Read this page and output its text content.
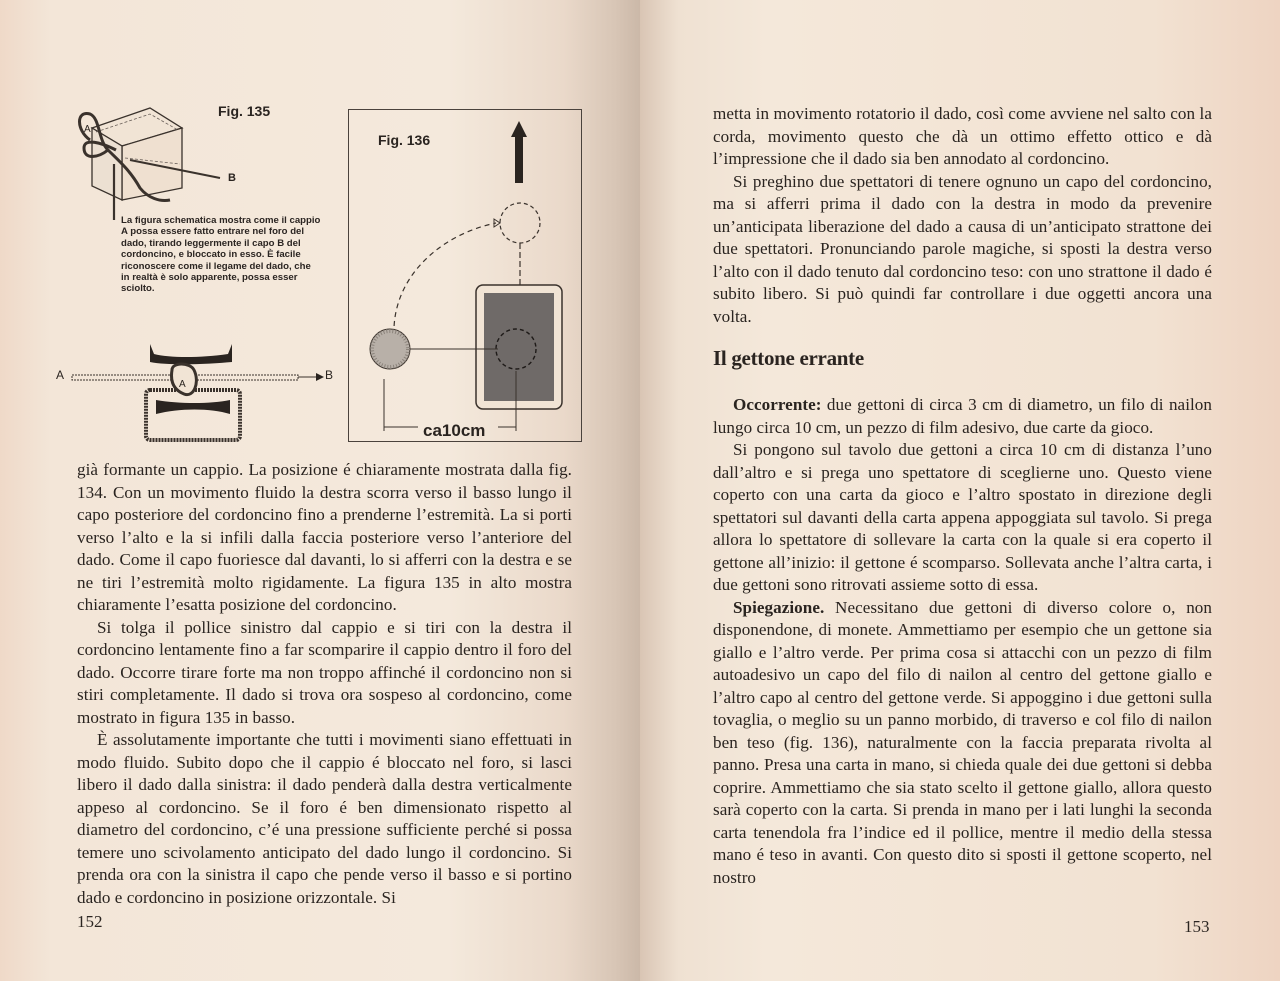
Fig. 135
A
B
La figura schematica mostra come il cappio A possa essere fatto entrare nel foro del dado, tirando leggermente il capo B del cordoncino, e bloccato in esso. È facile riconoscere come il legame del dado, che in realtà è solo apparente, possa esser sciolto.
A
A	B
Fig. 136
ca10cm

già formante un cappio. La posizione é chiaramente mostrata dalla fig. 134. Con un movimento fluido la destra scorra verso il basso lungo il capo posteriore del cordoncino fino a prenderne l’estremità. La si porti verso l’alto e la si infili dalla faccia posteriore verso l’anteriore del dado. Come il capo fuoriesce dal davanti, lo si afferri con la destra e se ne tiri l’estremità molto rigidamente. La figura 135 in alto mostra chiaramente l’esatta posizione del cordoncino.

Si tolga il pollice sinistro dal cappio e si tiri con la destra il cordoncino lentamente fino a far scomparire il cappio dentro il foro del dado. Occorre tirare forte ma non troppo affinché il cordoncino non si stiri completamente. Il dado si trova ora sospeso al cordoncino, come mostrato in figura 135 in basso.

È assolutamente importante che tutti i movimenti siano effettuati in modo fluido. Subito dopo che il cappio é bloccato nel foro, si lasci libero il dado dalla sinistra: il dado penderà dalla destra verticalmente appeso al cordoncino. Se il foro é ben dimensionato rispetto al diametro del cordoncino, c’é una pressione sufficiente perché si possa temere uno scivolamento anticipato del dado lungo il cordoncino. Si prenda ora con la sinistra il capo che pende verso il basso e si portino dado e cordoncino in posizione orizzontale. Si

152

metta in movimento rotatorio il dado, così come avviene nel salto con la corda, movimento questo che dà un ottimo effetto ottico e dà l’impressione che il dado sia ben annodato al cordoncino.

Si preghino due spettatori di tenere ognuno un capo del cordoncino, ma si afferri prima il dado con la destra in modo da prevenire un’anticipata liberazione del dado a causa di un’anticipato strattone dei due spettatori. Pronunciando parole magiche, si sposti la destra verso l’alto con il dado tenuto dal cordoncino teso: con uno strattone il dado é subito libero. Si può quindi far controllare i due oggetti ancora una volta.

Il gettone errante

Occorrente: due gettoni di circa 3 cm di diametro, un filo di nailon lungo circa 10 cm, un pezzo di film adesivo, due carte da gioco.

Si pongono sul tavolo due gettoni a circa 10 cm di distanza l’uno dall’altro e si prega uno spettatore di sceglierne uno. Questo viene coperto con una carta da gioco e l’altro spostato in direzione degli spettatori sul davanti della carta appena appoggiata sul tavolo. Si prega allora lo spettatore di sollevare la carta con la quale si era coperto il gettone all’inizio: il gettone é scomparso. Sollevata anche l’altra carta, i due gettoni sono ritrovati assieme sotto di essa.

Spiegazione. Necessitano due gettoni di diverso colore o, non disponendone, di monete. Ammettiamo per esempio che un gettone sia giallo e l’altro verde. Per prima cosa si attacchi con un pezzo di film autoadesivo un capo del filo di nailon al centro del gettone giallo e l’altro capo al centro del gettone verde. Si appoggino i due gettoni sulla tovaglia, o meglio su un panno morbido, di traverso e col filo di nailon ben teso (fig. 136), naturalmente con la faccia preparata rivolta al panno. Presa una carta in mano, si chieda quale dei due gettoni si debba coprire. Ammettiamo che sia stato scelto il gettone giallo, allora questo sarà coperto con la carta. Si prenda in mano per i lati lunghi la seconda carta tenendola fra l’indice ed il pollice, mentre il medio della stessa mano é teso in avanti. Con questo dito si sposti il gettone scoperto, nel nostro

153
